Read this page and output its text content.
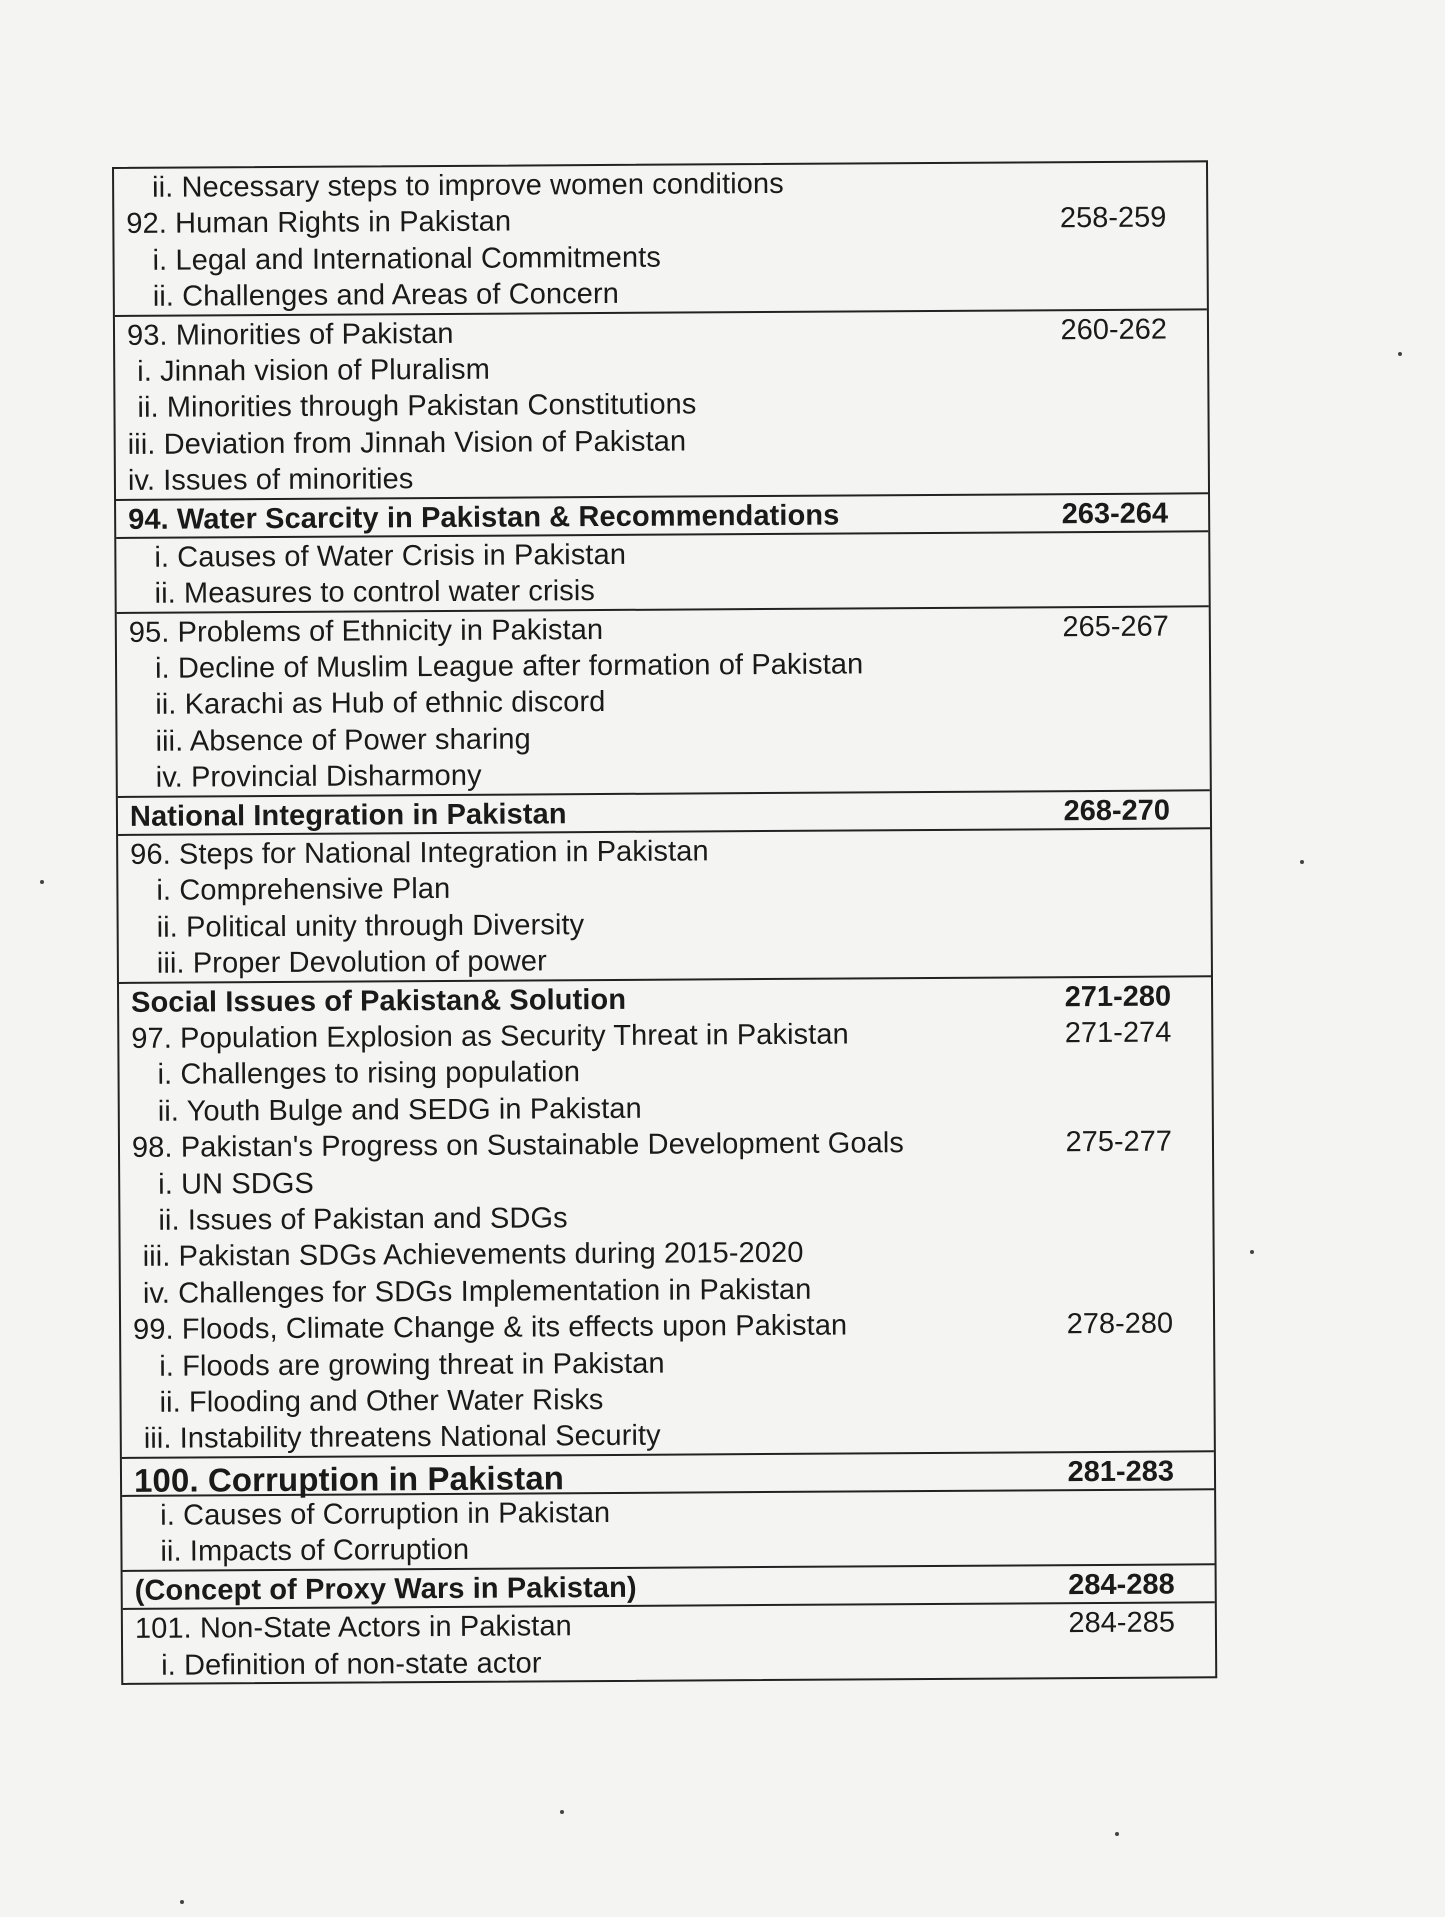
ii. Necessary steps to improve women conditions
92. Human Rights in Pakistan	258-259
i. Legal and International Commitments
ii. Challenges and Areas of Concern
93. Minorities of Pakistan	260-262
i. Jinnah vision of Pluralism
ii. Minorities through Pakistan Constitutions
iii. Deviation from Jinnah Vision of Pakistan
iv. Issues of minorities
94. Water Scarcity in Pakistan & Recommendations	263-264
i. Causes of Water Crisis in Pakistan
ii. Measures to control water crisis
95. Problems of Ethnicity in Pakistan	265-267
i. Decline of Muslim League after formation of Pakistan
ii. Karachi as Hub of ethnic discord
iii. Absence of Power sharing
iv. Provincial Disharmony
National Integration in Pakistan	268-270
96. Steps for National Integration in Pakistan
i. Comprehensive Plan
ii. Political unity through Diversity
iii. Proper Devolution of power
Social Issues of Pakistan& Solution	271-280
97. Population Explosion as Security Threat in Pakistan	271-274
i. Challenges to rising population
ii. Youth Bulge and SEDG in Pakistan
98. Pakistan's Progress on Sustainable Development Goals	275-277
i. UN SDGS
ii. Issues of Pakistan and SDGs
iii. Pakistan SDGs Achievements during 2015-2020
iv. Challenges for SDGs Implementation in Pakistan
99. Floods, Climate Change & its effects upon Pakistan	278-280
i. Floods are growing threat in Pakistan
ii. Flooding and Other Water Risks
iii. Instability threatens National Security
100. Corruption in Pakistan	281-283
i. Causes of Corruption in Pakistan
ii. Impacts of Corruption
(Concept of Proxy Wars in Pakistan)	284-288
101. Non-State Actors in Pakistan	284-285
i. Definition of non-state actor
